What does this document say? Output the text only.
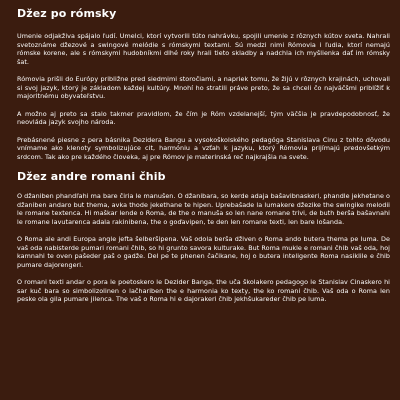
Džez po rómsky

Umenie odjakživa spájalo ľudí. Umelci, ktorí vytvorili túto nahrávku, spojili umenie z rôznych kútov sveta. Nahrali svetoznáme džezové a swingové melódie s rómskymi textami. Sú medzi nimi Rómovia i ľudia, ktorí nemajú rómske korene, ale s rómskymi hudobníkmi dlhé roky hrali tieto skladby a nadchla ich myšlienka dať im rómsky šat.

Rómovia prišli do Európy približne pred siedmimi storočiami, a napriek tomu, že žijú v rôznych krajinách, uchovali si svoj jazyk, ktorý je základom každej kultúry. Mnohí ho stratili práve preto, že sa chceli čo najväčšmi priblížiť k majoritnému obyvateľstvu.

A možno aj preto sa stalo takmer pravidlom, že čím je Róm vzdelanejší, tým väčšia je pravdepodobnosť, že neovláda jazyk svojho národa.

Prebásnené piesne z pera básnika Dezidera Bangu a vysokoškolského pedagóga Stanislava Cinu z tohto dôvodu vnímame ako klenoty symbolizujúce cit, harmóniu a vzťah k jazyku, ktorý Rómovia prijímajú predovšetkým srdcom. Tak ako pre každého človeka, aj pre Rómov je materinská reč najkrajšia na svete.

Džez andre romani čhib

O džaniben phandľahi ma bare čiria le manušen. O džanibara, so kerde adaja bašavibnaskeri, phandle jekhetane o džaniben andaro but thema, avka thode jekethane te hipen. Uprebašade la lumakere džezike the swingike melodii le romane textenca. Hi maškar lende o Roma, de the o manuša so len nane romane trivi, de buth berša bašavnahi le romane lavutarenca adala rakinibena, the o goďavipen, te den len romane texti, len bare lošanda.

O Roma ale andi Europa angle jefta šelberšipena. Vaš odola berša dživen o Roma ando butera thema pe luma. De vaš oda nabisterde pumari romani čhib, so hi grunto savora kulturake. But Roma mukle e romani čhib vaš oda, hoj kamnahi te oven pašeder paš o gadže. Del pe te phenen čačikane, hoj o butera inteligente Roma nasiklile e čhib pumare dajorengeri.

O romani texti andar o pora le poetoskero le Dezider Banga, the uča školakero pedagogo le Stanislav Cinaskero hi sar kuč bara so simbolizolinen o lačhariben the e harmonia ko texty, the ko romani čhib. Vaš oda o Roma len peske ola gila pumare jilenca. The vaš o Roma hi e dajorakeri čhib jekhšukareder čhib pe luma.
